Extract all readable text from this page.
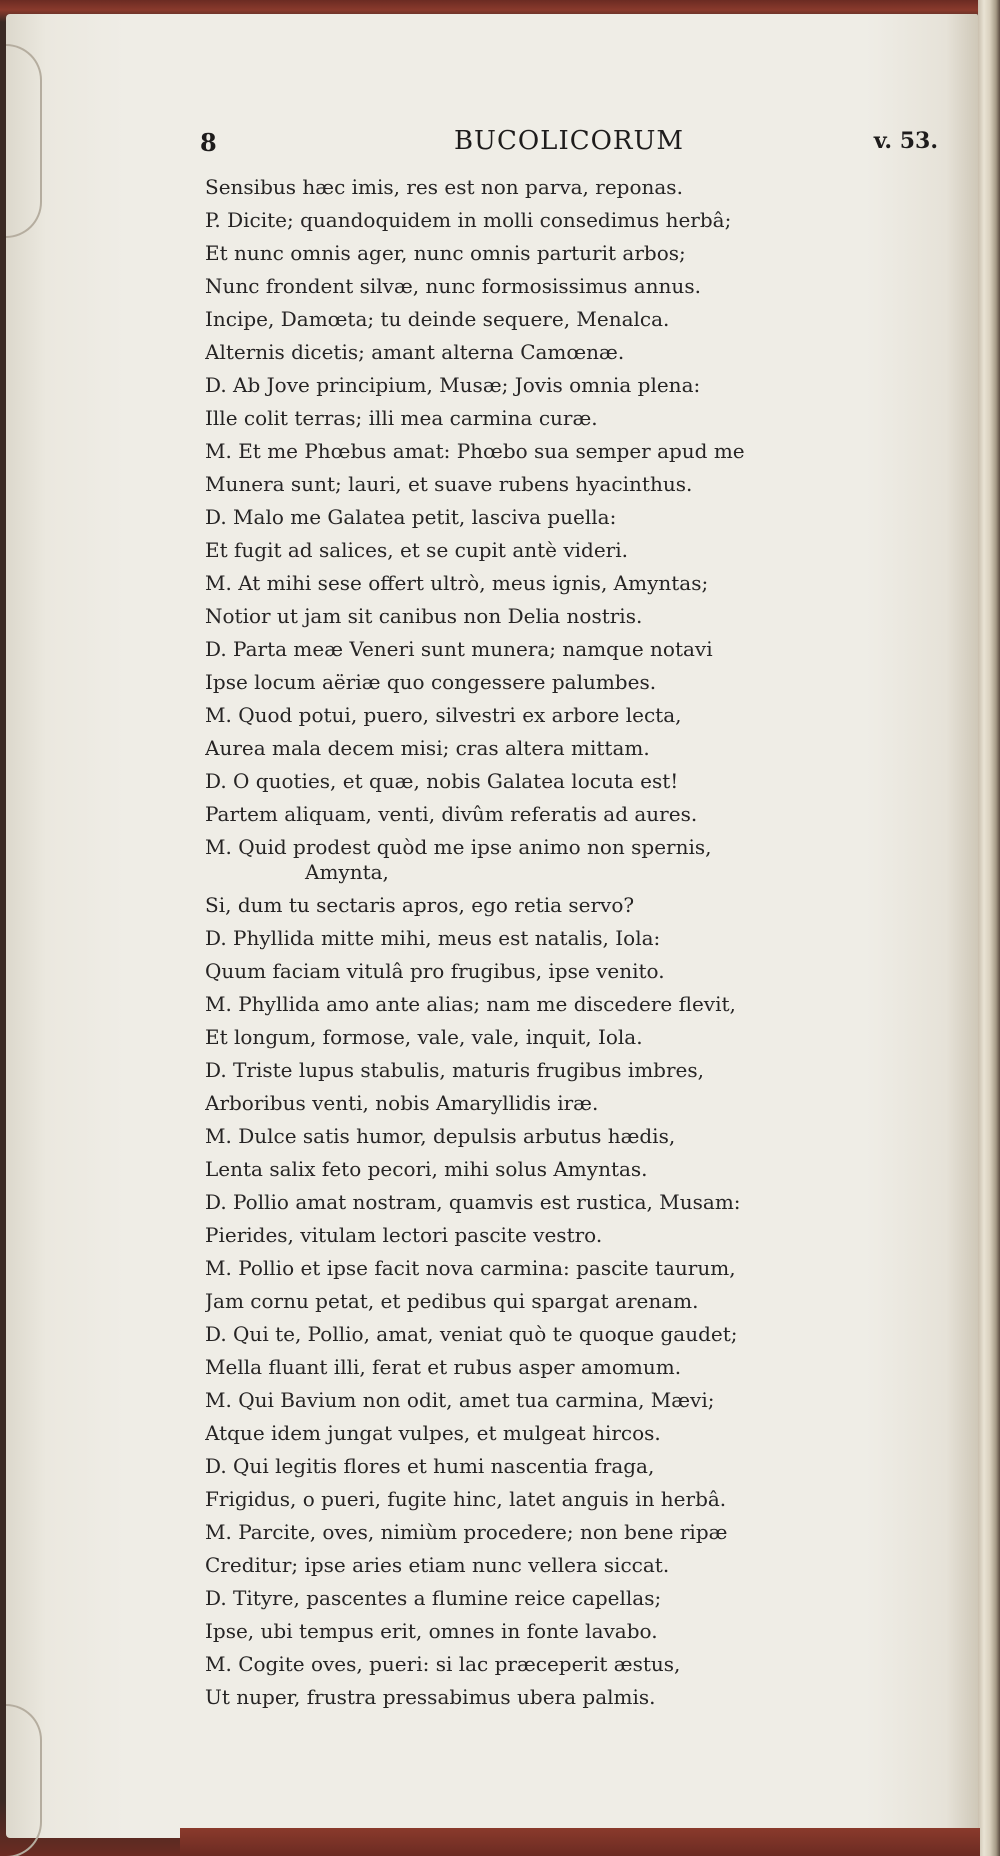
8	BUCOLICORUM	v. 53.
Sensibus hæc imis, res est non parva, reponas.
P. Dicite; quandoquidem in molli consedimus herbâ;
Et nunc omnis ager, nunc omnis parturit arbos;
Nunc frondent silvæ, nunc formosissimus annus.
Incipe, Damœta; tu deinde sequere, Menalca.
Alternis dicetis; amant alterna Camœnæ.
D. Ab Jove principium, Musæ; Jovis omnia plena:
Ille colit terras; illi mea carmina curæ.
M. Et me Phœbus amat: Phœbo sua semper apud me
Munera sunt; lauri, et suave rubens hyacinthus.
D. Malo me Galatea petit, lasciva puella:
Et fugit ad salices, et se cupit antè videri.
M. At mihi sese offert ultrò, meus ignis, Amyntas;
Notior ut jam sit canibus non Delia nostris.
D. Parta meæ Veneri sunt munera; namque notavi
Ipse locum aëriæ quo congessere palumbes.
M. Quod potui, puero, silvestri ex arbore lecta,
Aurea mala decem misi; cras altera mittam.
D. O quoties, et quæ, nobis Galatea locuta est!
Partem aliquam, venti, divûm referatis ad aures.
M. Quid prodest quòd me ipse animo non spernis,
Amynta,
Si, dum tu sectaris apros, ego retia servo?
D. Phyllida mitte mihi, meus est natalis, Iola:
Quum faciam vitulâ pro frugibus, ipse venito.
M. Phyllida amo ante alias; nam me discedere flevit,
Et longum, formose, vale, vale, inquit, Iola.
D. Triste lupus stabulis, maturis frugibus imbres,
Arboribus venti, nobis Amaryllidis iræ.
M. Dulce satis humor, depulsis arbutus hædis,
Lenta salix feto pecori, mihi solus Amyntas.
D. Pollio amat nostram, quamvis est rustica, Musam:
Pierides, vitulam lectori pascite vestro.
M. Pollio et ipse facit nova carmina: pascite taurum,
Jam cornu petat, et pedibus qui spargat arenam.
D. Qui te, Pollio, amat, veniat quò te quoque gaudet;
Mella fluant illi, ferat et rubus asper amomum.
M. Qui Bavium non odit, amet tua carmina, Mævi;
Atque idem jungat vulpes, et mulgeat hircos.
D. Qui legitis flores et humi nascentia fraga,
Frigidus, o pueri, fugite hinc, latet anguis in herbâ.
M. Parcite, oves, nimiùm procedere; non bene ripæ
Creditur; ipse aries etiam nunc vellera siccat.
D. Tityre, pascentes a flumine reice capellas;
Ipse, ubi tempus erit, omnes in fonte lavabo.
M. Cogite oves, pueri: si lac præceperit æstus,
Ut nuper, frustra pressabimus ubera palmis.
